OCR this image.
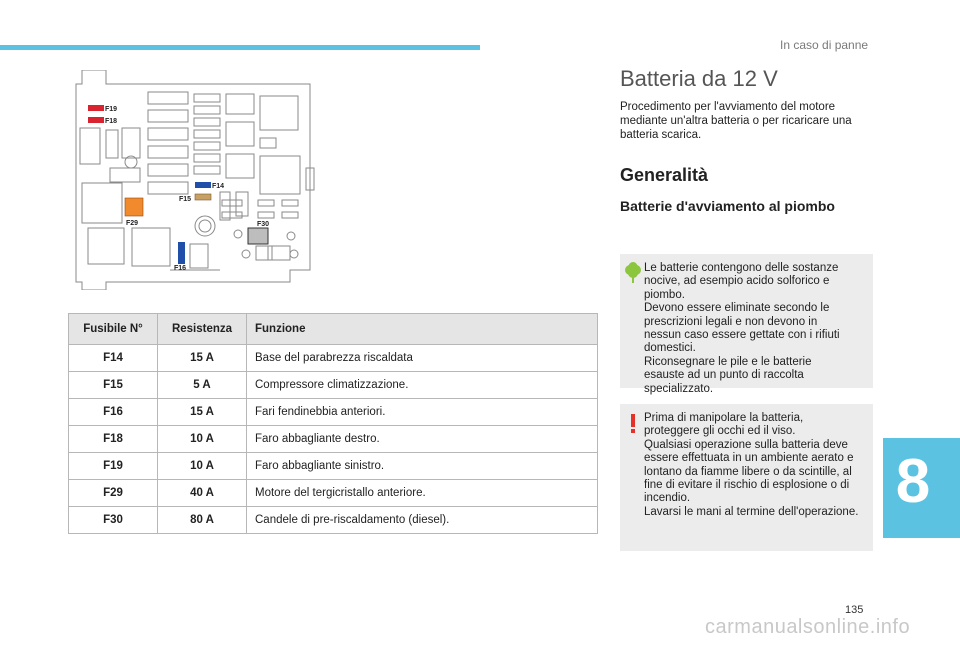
In caso di panne
F19
F18
F14
F15
F29	F30
F16
Fusibile N°	Resistenza	Funzione
F14	15 A	Base del parabrezza riscaldata
F15	5 A	Compressore climatizzazione.
F16	15 A	Fari fendinebbia anteriori.
F18	10 A	Faro abbagliante destro.
F19	10 A	Faro abbagliante sinistro.
F29	40 A	Motore del tergicristallo anteriore.
F30	80 A	Candele di pre-riscaldamento (diesel).
Batteria da 12 V

Procedimento per l'avviamento del motore mediante un'altra batteria o per ricaricare una batteria scarica.

Generalità
Batterie d'avviamento al piombo

Le batterie contengono delle sostanze
nocive, ad esempio acido solforico e
piombo.
Devono essere eliminate secondo le
prescrizioni legali e non devono in
nessun caso essere gettate con i rifiuti
domestici.
Riconsegnare le pile e le batterie
esauste ad un punto di raccolta
specializzato.

Prima di manipolare la batteria,
proteggere gli occhi ed il viso.
Qualsiasi operazione sulla batteria deve
essere effettuata in un ambiente aerato e
lontano da fiamme libere o da scintille, al
fine di evitare il rischio di esplosione o di
incendio.
Lavarsi le mani al termine dell'operazione. 8
135
carmanualsonline.info
